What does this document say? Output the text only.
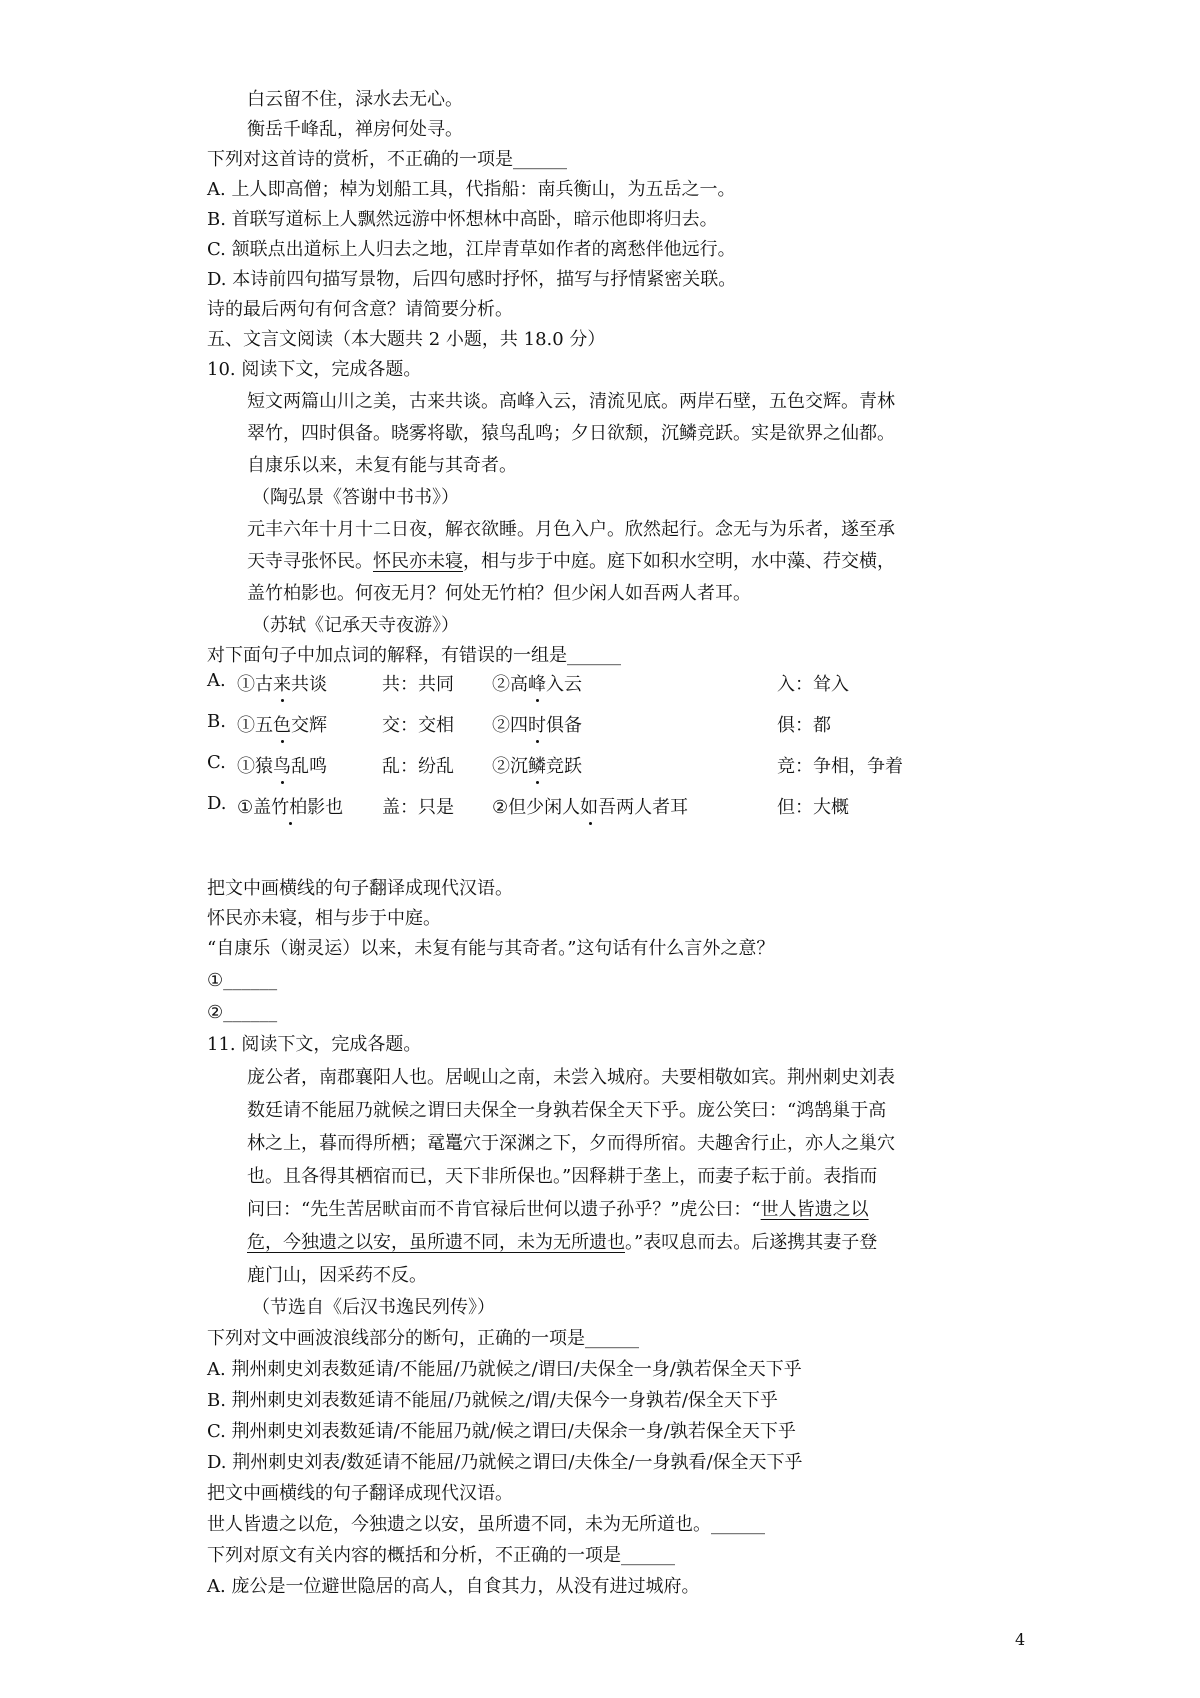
白云留不住，渌水去无心。
衡岳千峰乱，禅房何处寻。
下列对这首诗的赏析，不正确的一项是______
A. 上人即高僧；棹为划船工具，代指船：南兵衡山，为五岳之一。
B. 首联写道标上人飘然远游中怀想林中高卧，暗示他即将归去。
C. 颔联点出道标上人归去之地，江岸青草如作者的离愁伴他远行。
D. 本诗前四句描写景物，后四句感时抒怀，描写与抒情紧密关联。
诗的最后两句有何含意？请简要分析。
五、文言文阅读（本大题共 2 小题，共 18.0 分）
10. 阅读下文，完成各题。
短文两篇山川之美，古来共谈。高峰入云，清流见底。两岸石壁，五色交辉。青林
翠竹，四时俱备。晓雾将歇，猿鸟乱鸣；夕日欲颓，沉鳞竞跃。实是欲界之仙都。
自康乐以来，未复有能与其奇者。
（陶弘景《答谢中书书》）
元丰六年十月十二日夜，解衣欲睡。月色入户。欣然起行。念无与为乐者，遂至承
天寺寻张怀民。怀民亦未寝，相与步于中庭。庭下如积水空明，水中藻、荇交横，
盖竹柏影也。何夜无月？何处无竹柏？但少闲人如吾两人者耳。
（苏轼《记承天寺夜游》）
对下面句子中加点词的解释，有错误的一组是______
A. ①古来共谈	共：共同 ②高峰入云	入：耸入
B. ①五色交辉	交：交相 ②四时俱备	俱：都
C. ①猿鸟乱鸣	乱：纷乱 ②沉鳞竞跃	竞：争相，争着
D. ①盖竹柏影也 盖：只是 ②但少闲人如吾两人者耳	但：大概
把文中画横线的句子翻译成现代汉语。
怀民亦未寝，相与步于中庭。
“自康乐（谢灵运）以来，未复有能与其奇者。”这句话有什么言外之意？
①______
②______
11. 阅读下文，完成各题。
庞公者，南郡襄阳人也。居岘山之南，未尝入城府。夫要相敬如宾。荆州刺史刘表
数廷请不能屈乃就候之谓曰夫保全一身孰若保全天下乎。庞公笑曰：“鸿鹄巢于高
林之上，暮而得所栖；鼋鼍穴于深渊之下，夕而得所宿。夫趣舍行止，亦人之巢穴
也。且各得其栖宿而已，天下非所保也。”因释耕于垄上，而妻子耘于前。表指而
问曰：“先生苦居畎亩而不肯官禄后世何以遗子孙乎？”虎公曰：“世人皆遗之以
危，今独遗之以安，虽所遗不同，未为无所遗也。”表叹息而去。后遂携其妻子登
鹿门山，因采药不反。
（节选自《后汉书逸民列传》）
下列对文中画波浪线部分的断句，正确的一项是______
A. 荆州刺史刘表数延请/不能屈/乃就候之/谓曰/夫保全一身/孰若保全天下乎
B. 荆州刺史刘表数延请不能屈/乃就候之/谓/夫保今一身孰若/保全天下乎
C. 荆州刺史刘表数延请/不能屈乃就/候之谓曰/夫保余一身/孰若保全天下乎
D. 荆州刺史刘表/数延请不能屈/乃就候之谓曰/夫侏全/一身孰看/保全天下乎
把文中画横线的句子翻译成现代汉语。
世人皆遗之以危，今独遗之以安，虽所遗不同，未为无所道也。______
下列对原文有关内容的概括和分析，不正确的一项是______
A. 庞公是一位避世隐居的高人，自食其力，从没有进过城府。
4
